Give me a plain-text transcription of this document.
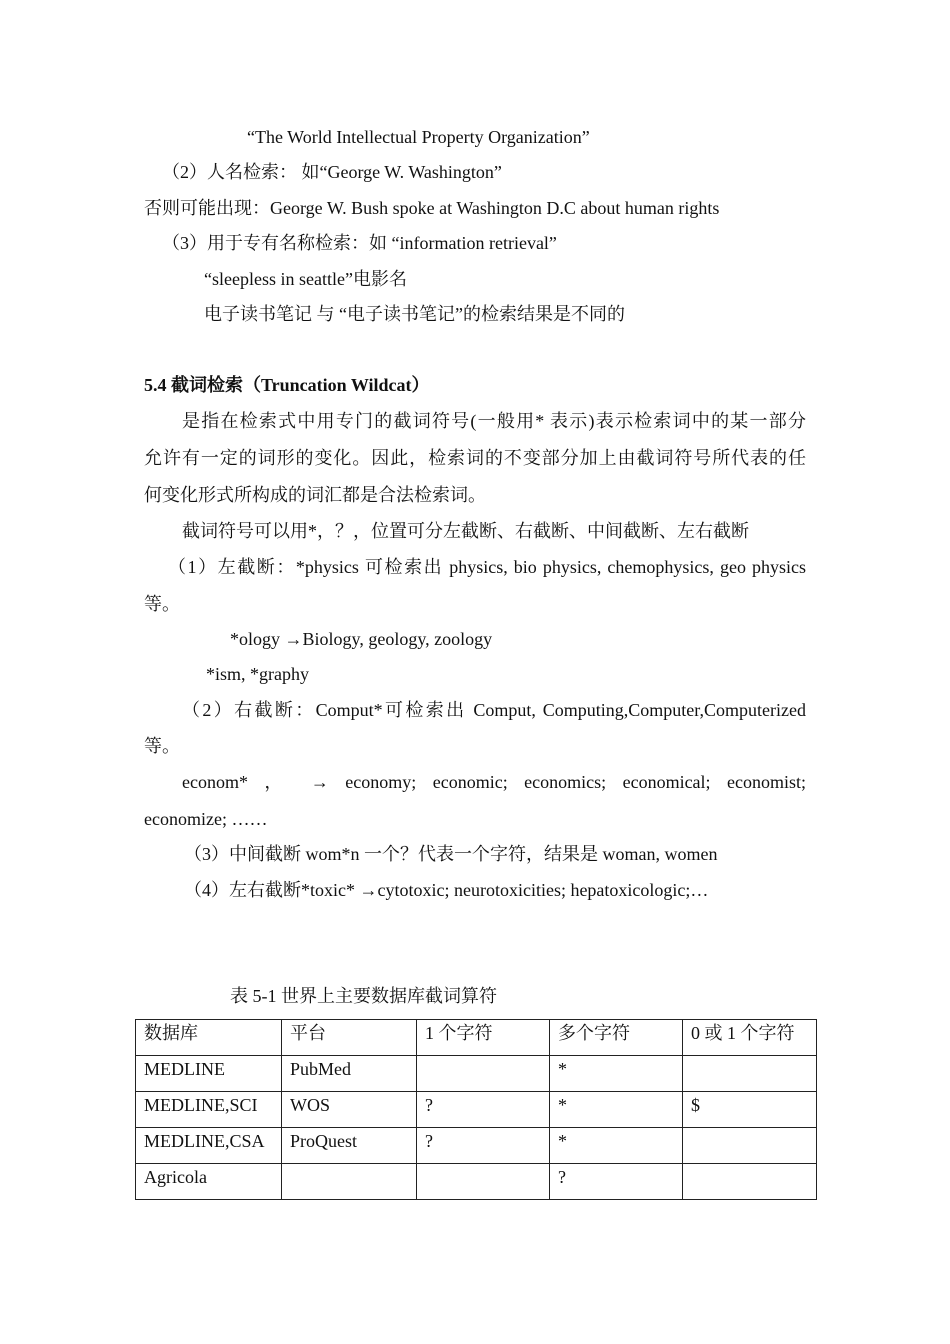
“The World Intellectual Property Organization”
（2）人名检索： 如“George W. Washington”
否则可能出现：George W. Bush spoke at Washington D.C about human rights
（3）用于专有名称检索：如 “information retrieval”
“sleepless in seattle”电影名
电子读书笔记 与 “电子读书笔记”的检索结果是不同的
5.4 截词检索（Truncation Wildcat）
是指在检索式中用专门的截词符号(一般用* 表示)表示检索词中的某一部分
允许有一定的词形的变化。因此，检索词的不变部分加上由截词符号所代表的任
何变化形式所构成的词汇都是合法检索词。
截词符号可以用*，？，位置可分左截断、右截断、中间截断、左右截断
（1）左截断：*physics 可检索出 physics, bio physics, chemophysics, geo physics
等。
*ology →Biology, geology, zoology
*ism, *graphy
（2）右截断：Comput*可检索出 Comput, Computing,Computer,Computerized
等。
econom* ， → economy; economic; economics; economical; economist;
economize; ……
（3）中间截断 wom*n 一个？代表一个字符，结果是 woman, women
（4）左右截断*toxic* →cytotoxic; neurotoxicities; hepatoxicologic;…
表 5-1 世界上主要数据库截词算符
数据库	平台	1 个字符	多个字符	0 或 1 个字符
MEDLINE	PubMed		*	
MEDLINE,SCI	WOS	?	*	$
MEDLINE,CSA	ProQuest	?	*	
Agricola			?	
